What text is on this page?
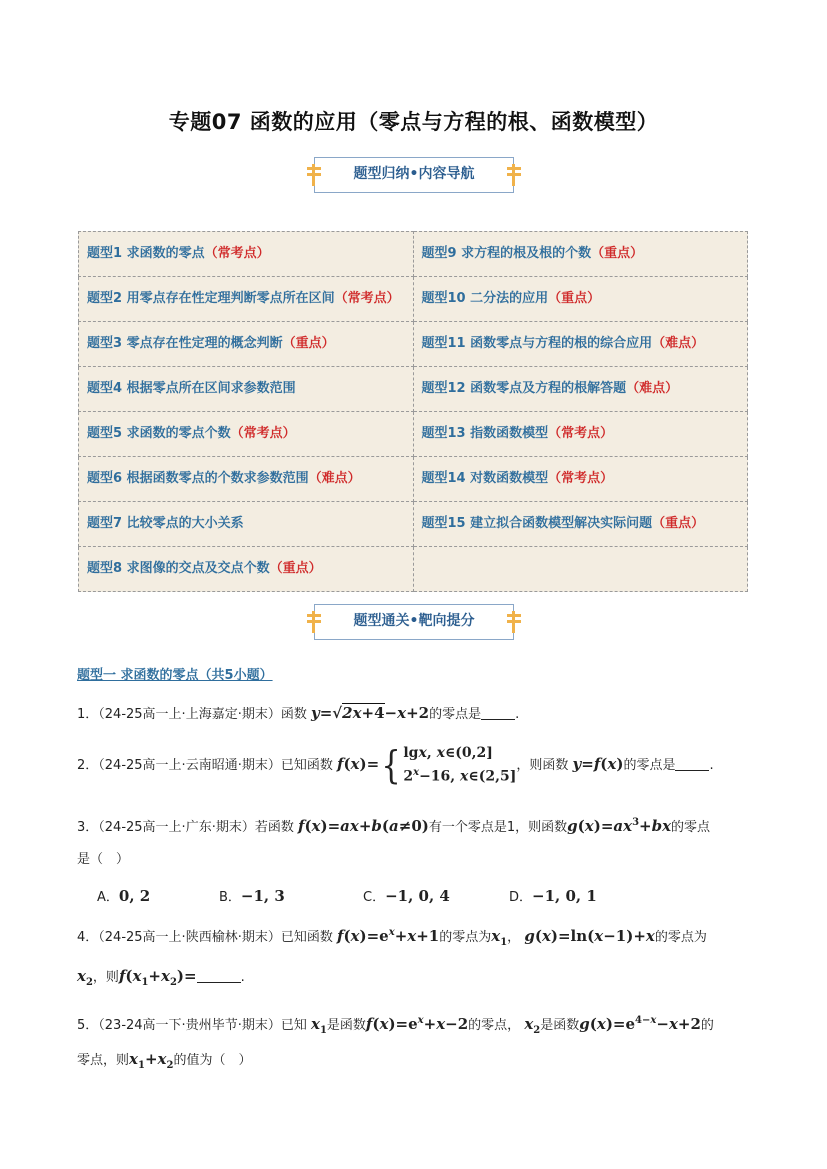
专题07 函数的应用（零点与方程的根、函数模型）
题型归纳•内容导航
题型1 求函数的零点（常考点）	题型9 求方程的根及根的个数（重点）
题型2 用零点存在性定理判断零点所在区间（常考点）	题型10 二分法的应用（重点）
题型3 零点存在性定理的概念判断（重点）	题型11 函数零点与方程的根的综合应用（难点）
题型4 根据零点所在区间求参数范围	题型12 函数零点及方程的根解答题（难点）
题型5 求函数的零点个数（常考点）	题型13 指数函数模型（常考点）
题型6 根据函数零点的个数求参数范围（难点）	题型14 对数函数模型（常考点）
题型7 比较零点的大小关系	题型15 建立拟合函数模型解决实际问题（重点）
题型8 求图像的交点及交点个数（重点）	
题型通关•靶向提分
题型一 求函数的零点（共5小题）
1．（24-25高一上·上海嘉定·期末）函数 y=√2x+4−x+2的零点是	.
2．（24-25高一上·云南昭通·期末）已知函数 f(x)={ lgx, x∈(0,2]
$2^x-16$, x∈(2,5]，则函数 y=f(x)的零点是	.
3．（24-25高一上·广东·期末）若函数 f(x)=ax+b(a≠0)有一个零点是1，则函数$g(x)=ax^3+bx$的零点
是（　）
A．0, 2	B．−1, 3	C．−1, 0, 4	D．−1, 0, 1
4．（24-25高一上·陕西榆林·期末）已知函数 $f(x)=e^x+x+1$的零点为$x_1$， g(x)=ln(x−1)+x的零点为
$x_2$，则$f(x_1+x_2)=$	.
5．（23-24高一下·贵州毕节·期末）已知 $x_1$是函数$f(x)=e^x+x-2$的零点， $x_2$是函数$g(x)=e^{4-x}-x+2$的
零点，则$x_1+x_2$的值为（　）
